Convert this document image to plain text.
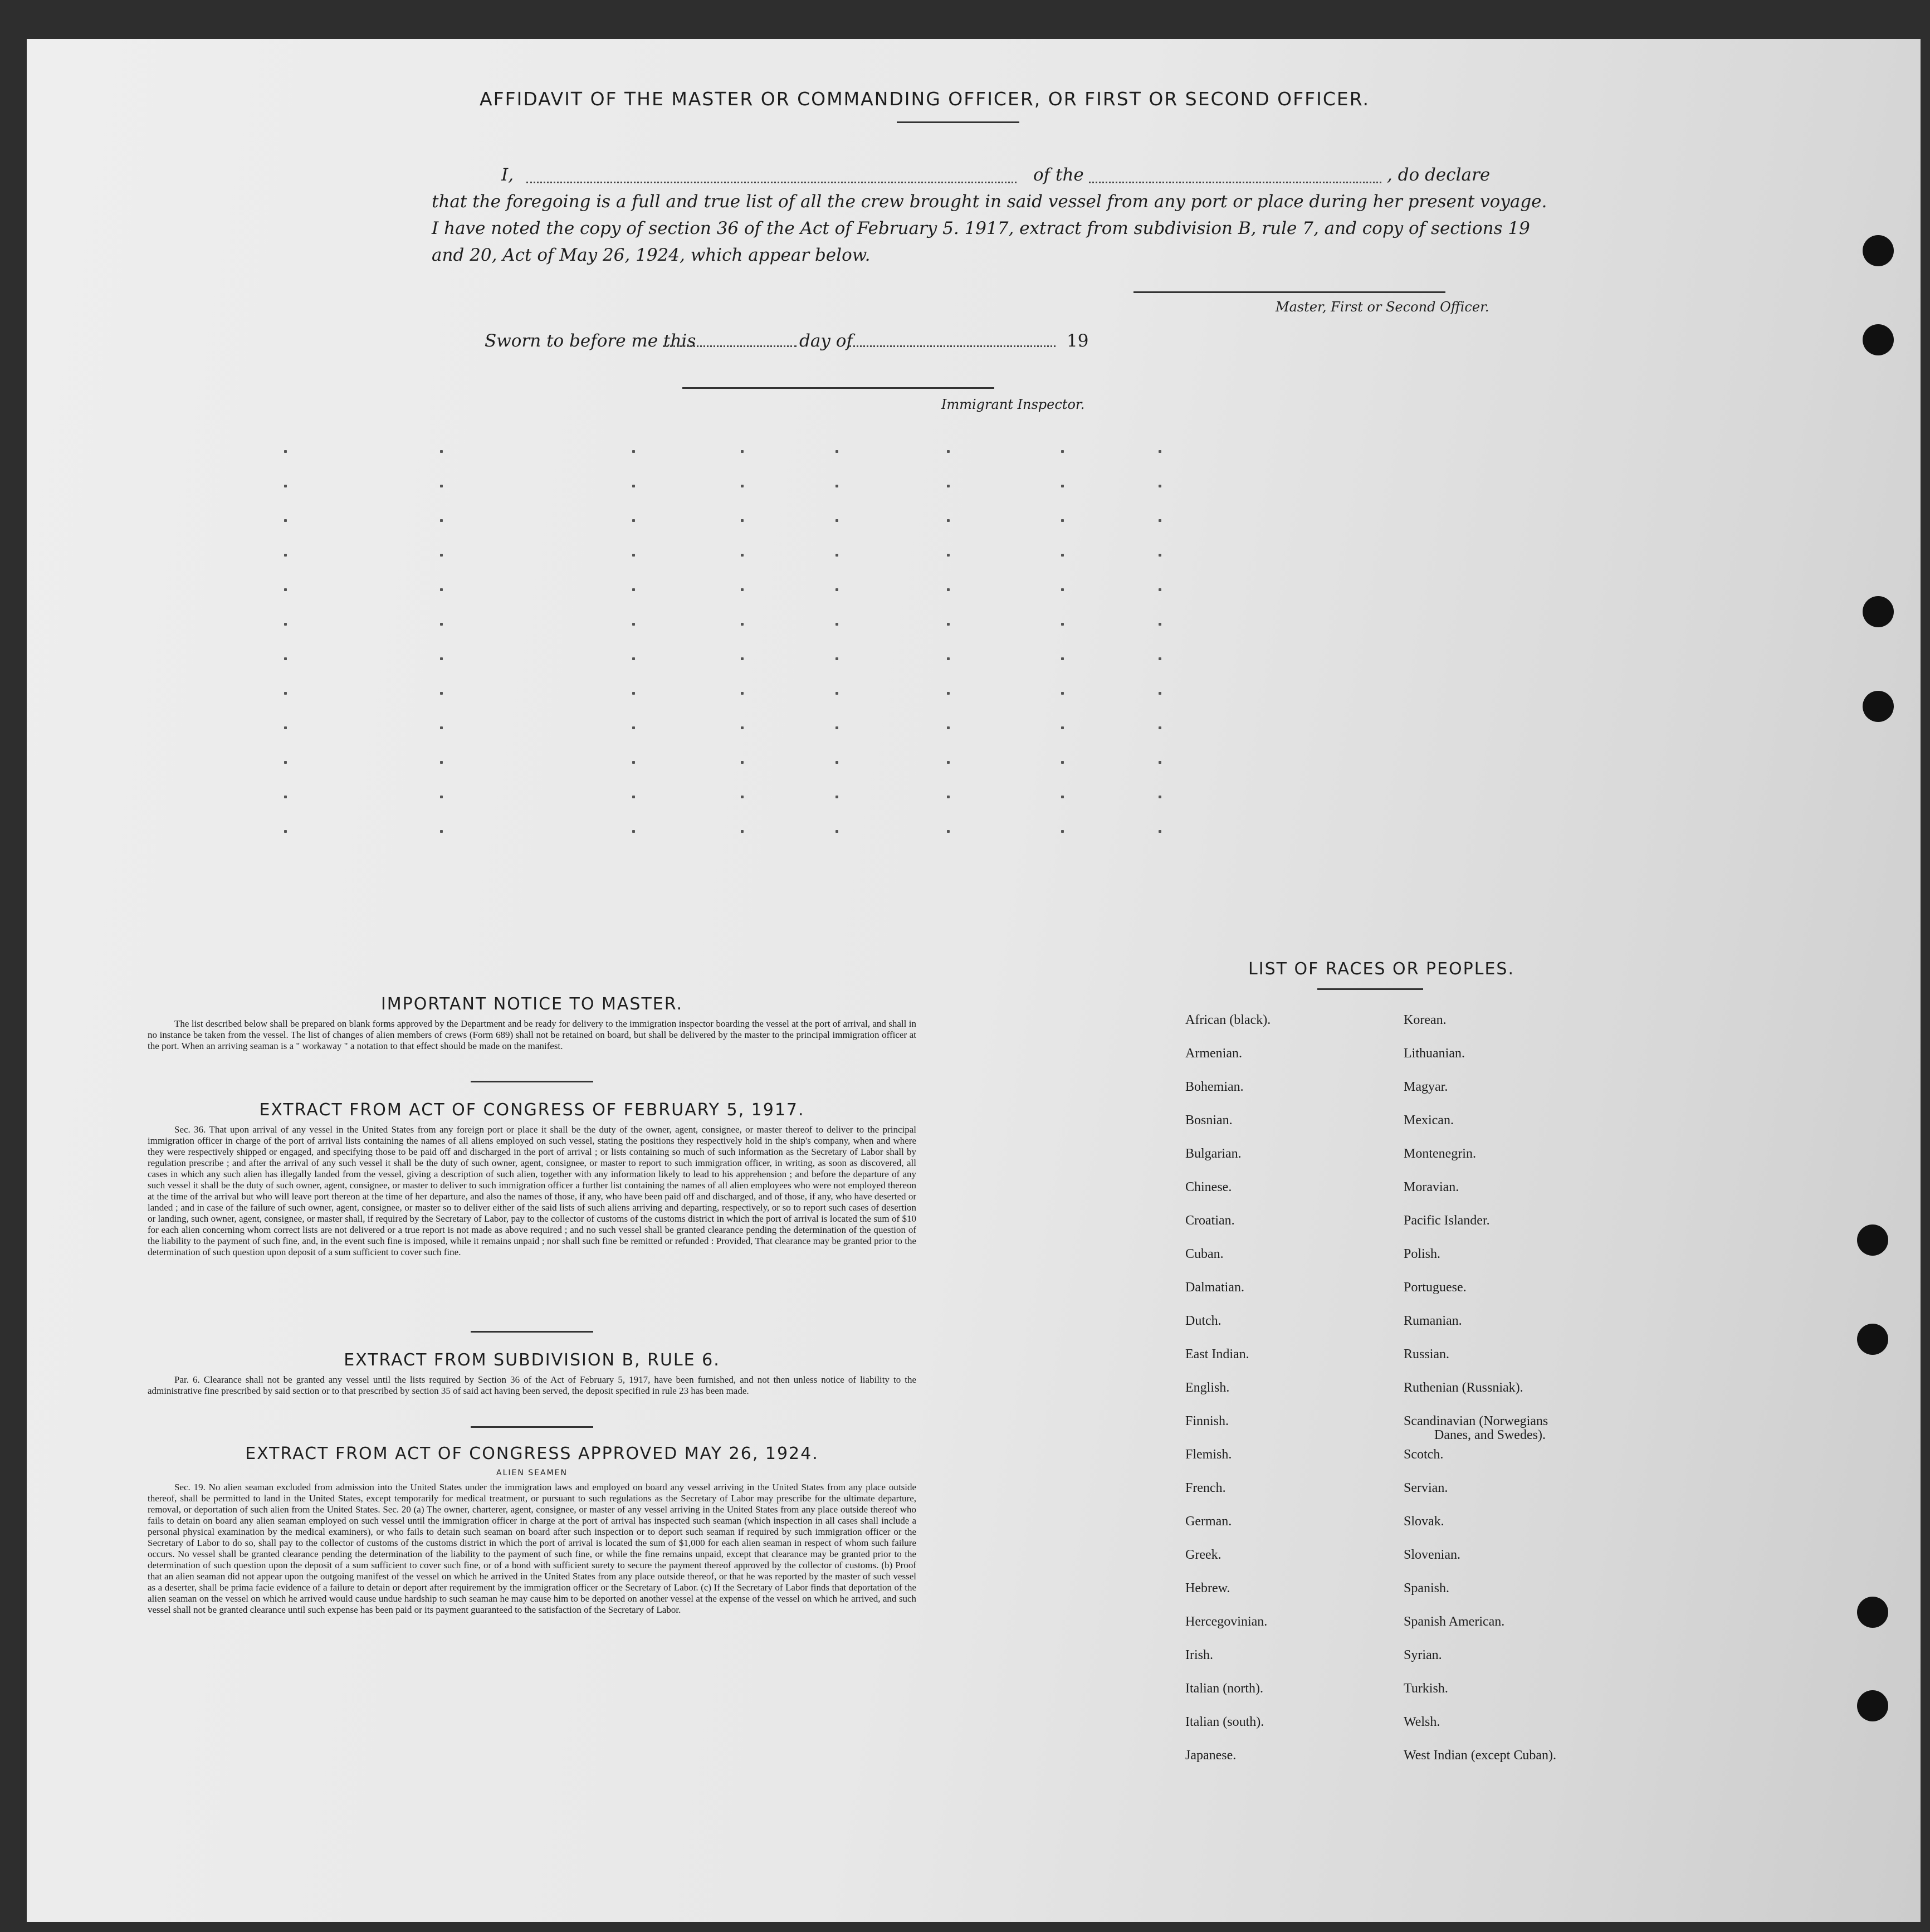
AFFIDAVIT OF THE MASTER OR COMMANDING OFFICER, OR FIRST OR SECOND OFFICER.
I,	of the	, do declare
that the foregoing is a full and true list of all the crew brought in said vessel from any port or place during her present voyage.
I have noted the copy of section 36 of the Act of February 5. 1917, extract from subdivision B, rule 7, and copy of sections 19
and 20, Act of May 26, 1924, which appear below.
Master, First or Second Officer.
Sworn to before me this	day of	19
Immigrant Inspector.
IMPORTANT NOTICE TO MASTER.

The list described below shall be prepared on blank forms approved by the Department and be ready for delivery to the immigration inspector boarding the vessel at the port of arrival, and shall in no instance be taken from the vessel. The list of changes of alien members of crews (Form 689) shall not be retained on board, but shall be delivered by the master to the principal immigration officer at the port. When an arriving seaman is a " workaway " a notation to that effect should be made on the manifest.

EXTRACT FROM ACT OF CONGRESS OF FEBRUARY 5, 1917.

Sec. 36. That upon arrival of any vessel in the United States from any foreign port or place it shall be the duty of the owner, agent, consignee, or master thereof to deliver to the principal immigration officer in charge of the port of arrival lists containing the names of all aliens employed on such vessel, stating the positions they respectively hold in the ship's company, when and where they were respectively shipped or engaged, and specifying those to be paid off and discharged in the port of arrival ; or lists containing so much of such information as the Secretary of Labor shall by regulation prescribe ; and after the arrival of any such vessel it shall be the duty of such owner, agent, consignee, or master to report to such immigration officer, in writing, as soon as discovered, all cases in which any such alien has illegally landed from the vessel, giving a description of such alien, together with any information likely to lead to his apprehension ; and before the departure of any such vessel it shall be the duty of such owner, agent, consignee, or master to deliver to such immigration officer a further list containing the names of all alien employees who were not employed thereon at the time of the arrival but who will leave port thereon at the time of her departure, and also the names of those, if any, who have been paid off and discharged, and of those, if any, who have deserted or landed ; and in case of the failure of such owner, agent, consignee, or master so to deliver either of the said lists of such aliens arriving and departing, respectively, or so to report such cases of desertion or landing, such owner, agent, consignee, or master shall, if required by the Secretary of Labor, pay to the collector of customs of the customs district in which the port of arrival is located the sum of $10 for each alien concerning whom correct lists are not delivered or a true report is not made as above required ; and no such vessel shall be granted clearance pending the determination of the question of the liability to the payment of such fine, and, in the event such fine is imposed, while it remains unpaid ; nor shall such fine be remitted or refunded : Provided, That clearance may be granted prior to the determination of such question upon deposit of a sum sufficient to cover such fine.

EXTRACT FROM SUBDIVISION B, RULE 6.

Par. 6. Clearance shall not be granted any vessel until the lists required by Section 36 of the Act of February 5, 1917, have been furnished, and not then unless notice of liability to the administrative fine prescribed by said section or to that prescribed by section 35 of said act having been served, the deposit specified in rule 23 has been made.

EXTRACT FROM ACT OF CONGRESS APPROVED MAY 26, 1924.
ALIEN SEAMEN

Sec. 19. No alien seaman excluded from admission into the United States under the immigration laws and employed on board any vessel arriving in the United States from any place outside thereof, shall be permitted to land in the United States, except temporarily for medical treatment, or pursuant to such regulations as the Secretary of Labor may prescribe for the ultimate departure, removal, or deportation of such alien from the United States. Sec. 20 (a) The owner, charterer, agent, consignee, or master of any vessel arriving in the United States from any place outside thereof who fails to detain on board any alien seaman employed on such vessel until the immigration officer in charge at the port of arrival has inspected such seaman (which inspection in all cases shall include a personal physical examination by the medical examiners), or who fails to detain such seaman on board after such inspection or to deport such seaman if required by such immigration officer or the Secretary of Labor to do so, shall pay to the collector of customs of the customs district in which the port of arrival is located the sum of $1,000 for each alien seaman in respect of whom such failure occurs. No vessel shall be granted clearance pending the determination of the liability to the payment of such fine, or while the fine remains unpaid, except that clearance may be granted prior to the determination of such question upon the deposit of a sum sufficient to cover such fine, or of a bond with sufficient surety to secure the payment thereof approved by the collector of customs. (b) Proof that an alien seaman did not appear upon the outgoing manifest of the vessel on which he arrived in the United States from any place outside thereof, or that he was reported by the master of such vessel as a deserter, shall be prima facie evidence of a failure to detain or deport after requirement by the immigration officer or the Secretary of Labor. (c) If the Secretary of Labor finds that deportation of the alien seaman on the vessel on which he arrived would cause undue hardship to such seaman he may cause him to be deported on another vessel at the expense of the vessel on which he arrived, and such vessel shall not be granted clearance until such expense has been paid or its payment guaranteed to the satisfaction of the Secretary of Labor.

LIST OF RACES OR PEOPLES.
African (black).
Armenian.
Bohemian.
Bosnian.
Bulgarian.
Chinese.
Croatian.
Cuban.
Dalmatian.
Dutch.
East Indian.
English.
Finnish.
Flemish.
French.
German.
Greek.
Hebrew.
Hercegovinian.
Irish.
Italian (north).
Italian (south).
Japanese.
Korean.
Lithuanian.
Magyar.
Mexican.
Montenegrin.
Moravian.
Pacific Islander.
Polish.
Portuguese.
Rumanian.
Russian.
Ruthenian (Russniak).
Scandinavian (Norwegians
Scotch.
Servian.
Slovak.
Slovenian.
Spanish.
Spanish American.
Syrian.
Turkish.
Welsh.
West Indian (except Cuban).
Danes, and Swedes).
